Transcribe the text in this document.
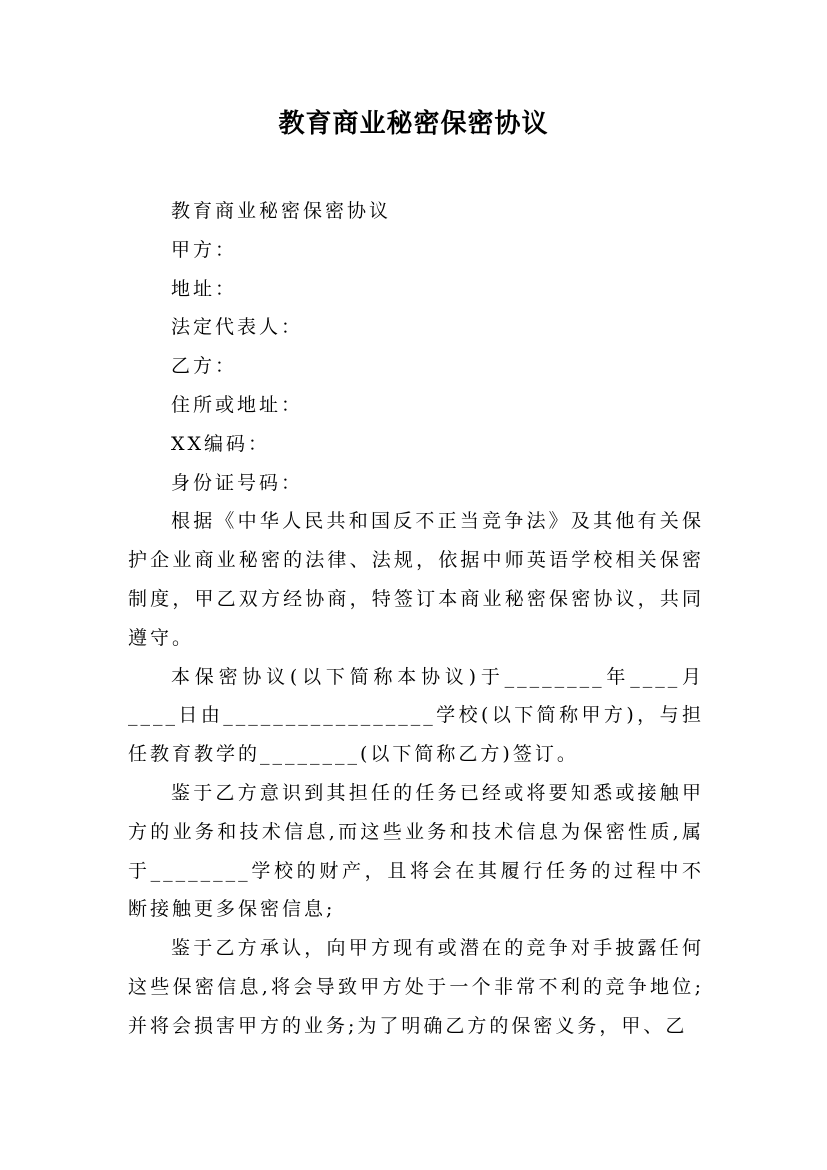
教育商业秘密保密协议
教育商业秘密保密协议
甲方：
地址：
法定代表人：
乙方：
住所或地址：
XX编码：
身份证号码：

根据《中华人民共和国反不正当竞争法》及其他有关保护企业商业秘密的法律、法规，依据中师英语学校相关保密制度，甲乙双方经协商，特签订本商业秘密保密协议，共同遵守。

本保密协议(以下简称本协议)于________年____月____日由_________________学校(以下简称甲方)，与担任教育教学的________(以下简称乙方)签订。

鉴于乙方意识到其担任的任务已经或将要知悉或接触甲方的业务和技术信息,而这些业务和技术信息为保密性质,属于________学校的财产，且将会在其履行任务的过程中不断接触更多保密信息;

鉴于乙方承认，向甲方现有或潜在的竞争对手披露任何这些保密信息,将会导致甲方处于一个非常不利的竞争地位;并将会损害甲方的业务;为了明确乙方的保密义务，甲、乙
